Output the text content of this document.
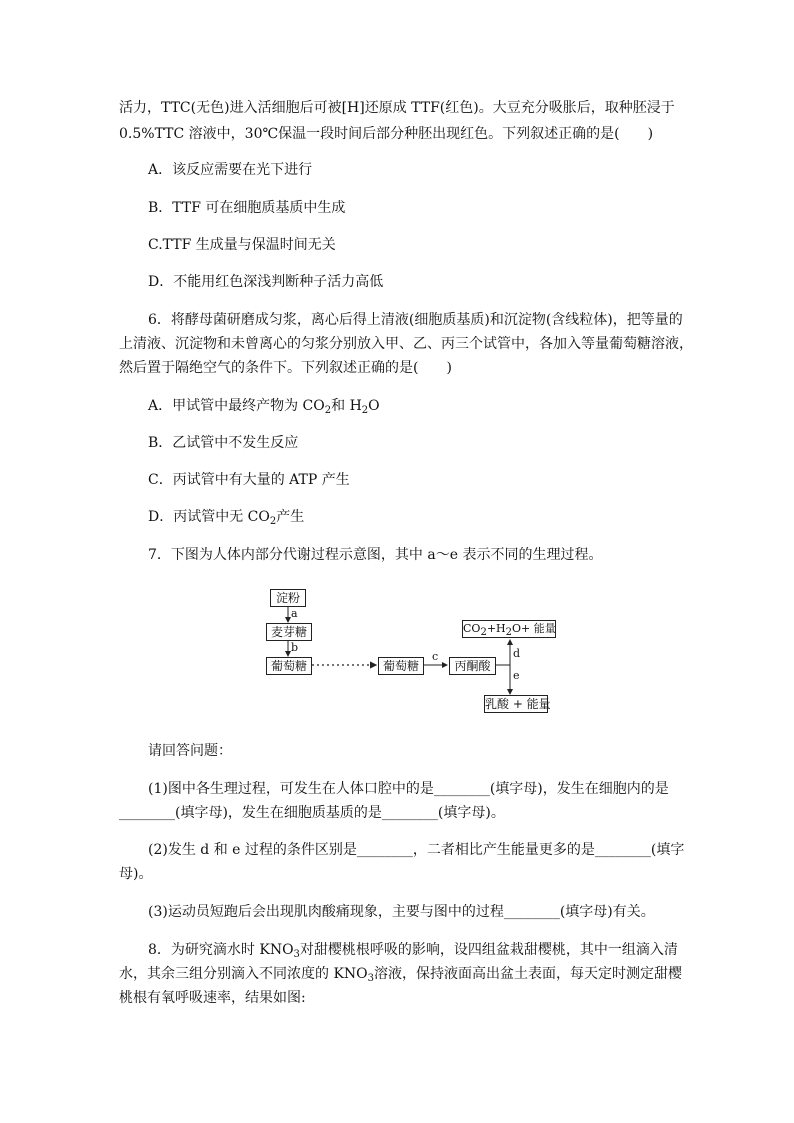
活力，TTC(无色)进入活细胞后可被[H]还原成 TTF(红色)。大豆充分吸胀后，取种胚浸于
0.5%TTC 溶液中，30℃保温一段时间后部分种胚出现红色。下列叙述正确的是(　　)
A．该反应需要在光下进行
B．TTF 可在细胞质基质中生成
C.TTF 生成量与保温时间无关
D．不能用红色深浅判断种子活力高低
6．将酵母菌研磨成匀浆，离心后得上清液(细胞质基质)和沉淀物(含线粒体)，把等量的
上清液、沉淀物和未曾离心的匀浆分别放入甲、乙、丙三个试管中，各加入等量葡萄糖溶液，
然后置于隔绝空气的条件下。下列叙述正确的是(　　)
A．甲试管中最终产物为 $CO_2$和 $H_2O$
B．乙试管中不发生反应
C．丙试管中有大量的 ATP 产生
D．丙试管中无 $CO_2$产生
7．下图为人体内部分代谢过程示意图，其中 a～e 表示不同的生理过程。
淀粉
a
麦芽糖
b
葡萄糖	葡萄糖
c
丙酮酸
$CO_2+H_2O+$ 能量
d
e
乳酸 + 能量
请回答问题：
(1)图中各生理过程，可发生在人体口腔中的是________(填字母)，发生在细胞内的是
________(填字母)，发生在细胞质基质的是________(填字母)。
(2)发生 d 和 e 过程的条件区别是________，二者相比产生能量更多的是________(填字
母)。
(3)运动员短跑后会出现肌肉酸痛现象，主要与图中的过程________(填字母)有关。
8．为研究滴水时 $KNO_3$对甜樱桃根呼吸的影响，设四组盆栽甜樱桃，其中一组滴入清
水，其余三组分别滴入不同浓度的 $KNO_3$溶液，保持液面高出盆土表面，每天定时测定甜樱
桃根有氧呼吸速率，结果如图:
